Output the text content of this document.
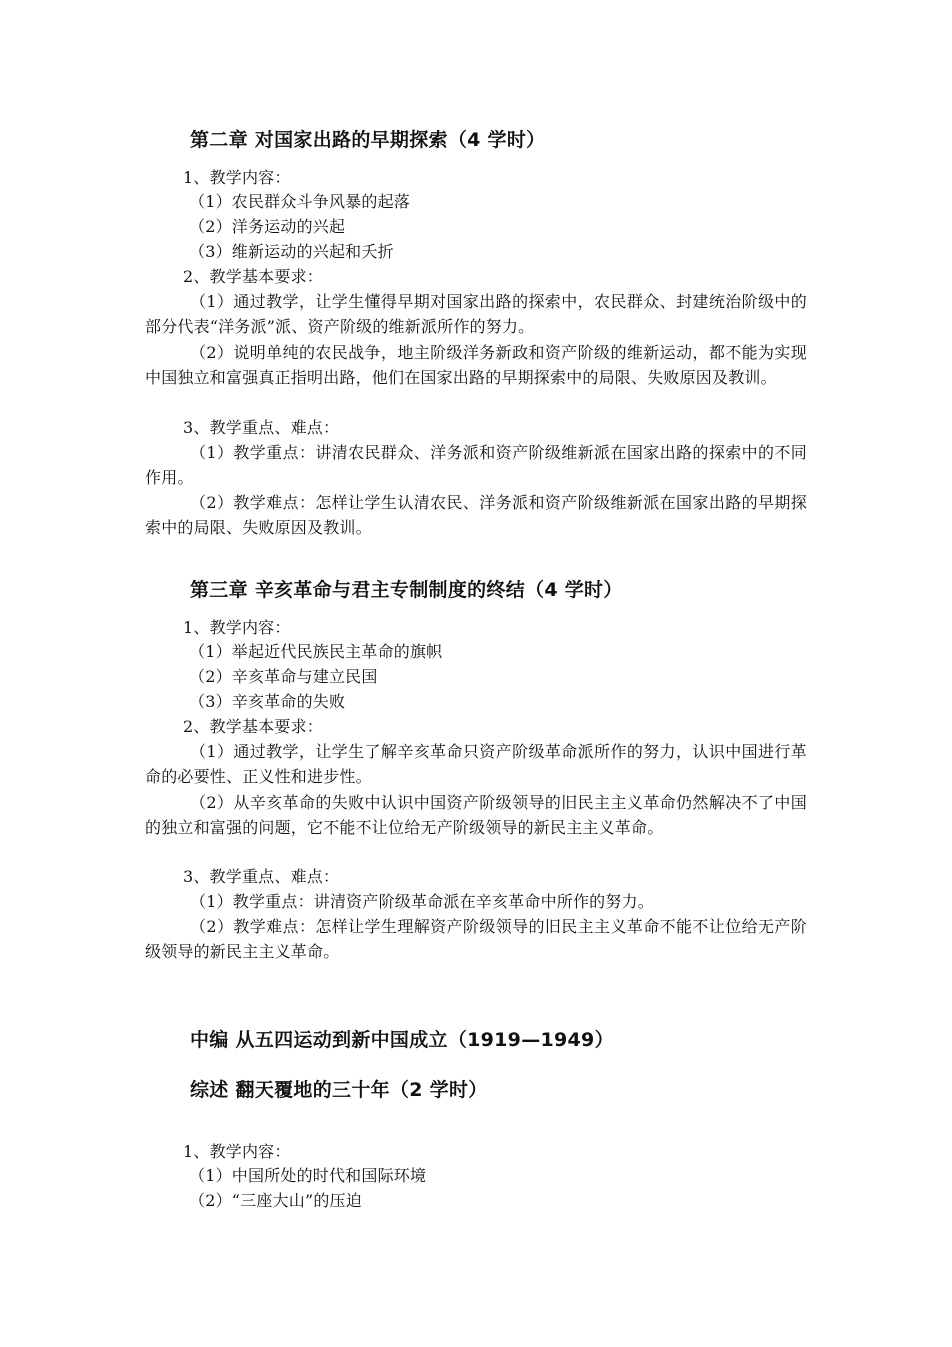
第二章 对国家出路的早期探索（4 学时）
1、教学内容：
（1）农民群众斗争风暴的起落
（2）洋务运动的兴起
（3）维新运动的兴起和夭折
2、教学基本要求：
（1）通过教学，让学生懂得早期对国家出路的探索中，农民群众、封建统治阶级中的部分代表“洋务派”派、资产阶级的维新派所作的努力。
（2）说明单纯的农民战争，地主阶级洋务新政和资产阶级的维新运动，都不能为实现中国独立和富强真正指明出路，他们在国家出路的早期探索中的局限、失败原因及教训。
3、教学重点、难点：
（1）教学重点：讲清农民群众、洋务派和资产阶级维新派在国家出路的探索中的不同作用。
（2）教学难点：怎样让学生认清农民、洋务派和资产阶级维新派在国家出路的早期探索中的局限、失败原因及教训。
第三章 辛亥革命与君主专制制度的终结（4 学时）
1、教学内容：
（1）举起近代民族民主革命的旗帜
（2）辛亥革命与建立民国
（3）辛亥革命的失败
2、教学基本要求：
（1）通过教学，让学生了解辛亥革命只资产阶级革命派所作的努力，认识中国进行革命的必要性、正义性和进步性。
（2）从辛亥革命的失败中认识中国资产阶级领导的旧民主主义革命仍然解决不了中国的独立和富强的问题，它不能不让位给无产阶级领导的新民主主义革命。
3、教学重点、难点：
（1）教学重点：讲清资产阶级革命派在辛亥革命中所作的努力。
（2）教学难点：怎样让学生理解资产阶级领导的旧民主主义革命不能不让位给无产阶级领导的新民主主义革命。
中编 从五四运动到新中国成立（1919—1949）
综述 翻天覆地的三十年（2 学时）
1、教学内容：
（1）中国所处的时代和国际环境
（2）“三座大山”的压迫
